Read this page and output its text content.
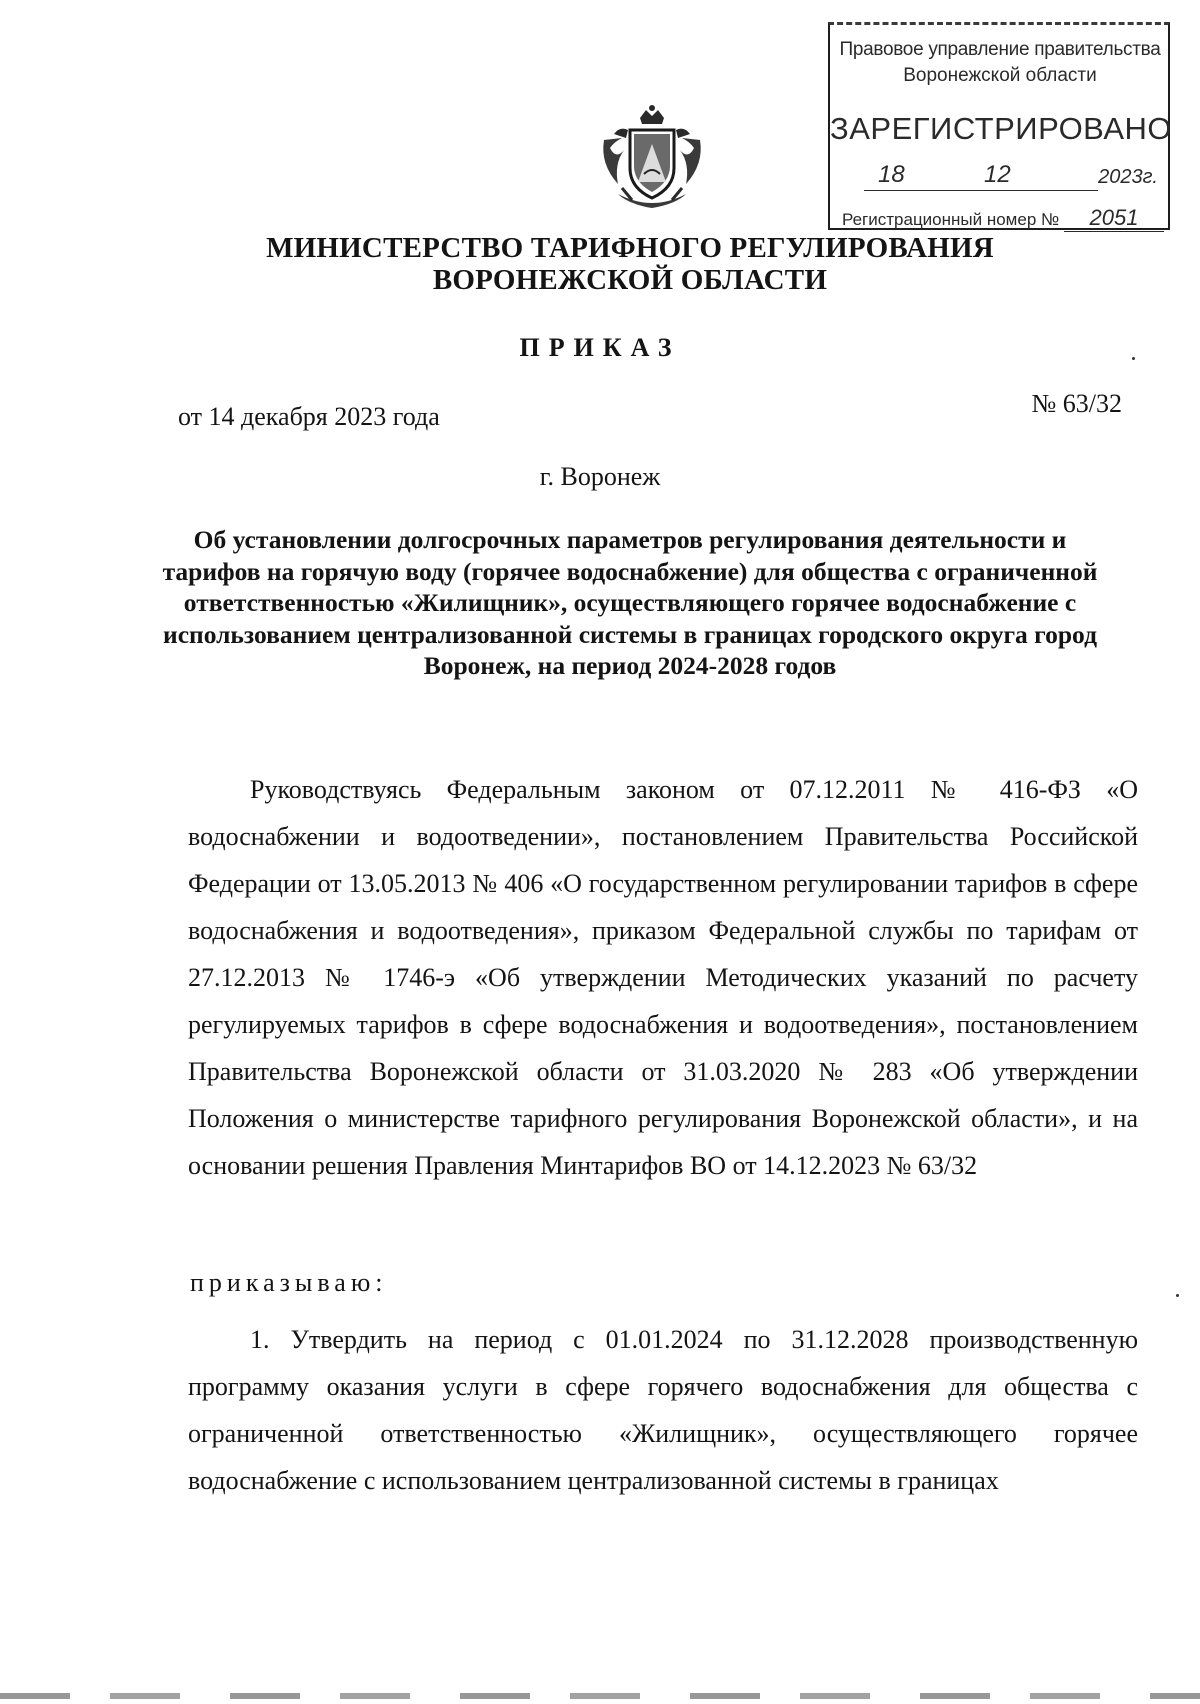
Правовое управление правительства
Воронежской области
ЗАРЕГИСТРИРОВАНО
18	12	2023г.
Регистрационный номер № 2051
МИНИСТЕРСТВО ТАРИФНОГО РЕГУЛИРОВАНИЯ
ВОРОНЕЖСКОЙ ОБЛАСТИ
ПРИКАЗ
от 14 декабря 2023 года	№ 63/32
г. Воронеж
Об установлении долгосрочных параметров регулирования деятельности и тарифов на горячую воду (горячее водоснабжение) для общества с ограниченной ответственностью «Жилищник», осуществляющего горячее водоснабжение с использованием централизованной системы в границах городского округа город Воронеж, на период 2024-2028 годов
Руководствуясь Федеральным законом от 07.12.2011 № 416-ФЗ «О водоснабжении и водоотведении», постановлением Правительства Российской Федерации от 13.05.2013 № 406 «О государственном регулировании тарифов в сфере водоснабжения и водоотведения», приказом Федеральной службы по тарифам от 27.12.2013 № 1746-э «Об утверждении Методических указаний по расчету регулируемых тарифов в сфере водоснабжения и водоотведения», постановлением Правительства Воронежской области от 31.03.2020 № 283 «Об утверждении Положения о министерстве тарифного регулирования Воронежской области», и на основании решения Правления Минтарифов ВО от 14.12.2023 № 63/32
приказываю:
1. Утвердить на период с 01.01.2024 по 31.12.2028 производственную программу оказания услуги в сфере горячего водоснабжения для общества с ограниченной ответственностью «Жилищник», осуществляющего горячее водоснабжение с использованием централизованной системы в границах
